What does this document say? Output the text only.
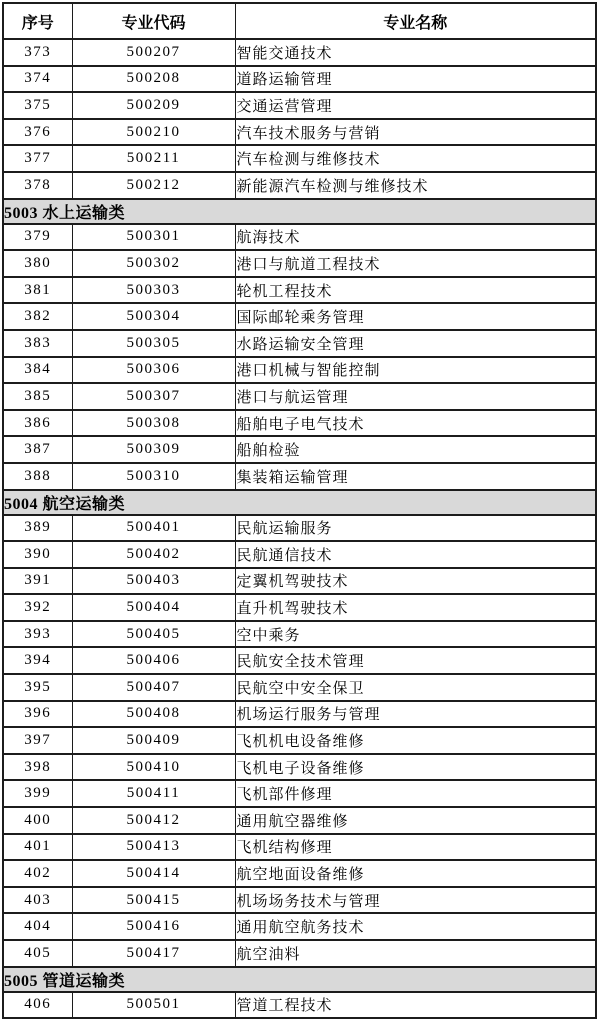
序号	专业代码	专业名称
373	500207	智能交通技术
374	500208	道路运输管理
375	500209	交通运营管理
376	500210	汽车技术服务与营销
377	500211	汽车检测与维修技术
378	500212	新能源汽车检测与维修技术
5003 水上运输类		
379	500301	航海技术
380	500302	港口与航道工程技术
381	500303	轮机工程技术
382	500304	国际邮轮乘务管理
383	500305	水路运输安全管理
384	500306	港口机械与智能控制
385	500307	港口与航运管理
386	500308	船舶电子电气技术
387	500309	船舶检验
388	500310	集装箱运输管理
5004 航空运输类		
389	500401	民航运输服务
390	500402	民航通信技术
391	500403	定翼机驾驶技术
392	500404	直升机驾驶技术
393	500405	空中乘务
394	500406	民航安全技术管理
395	500407	民航空中安全保卫
396	500408	机场运行服务与管理
397	500409	飞机机电设备维修
398	500410	飞机电子设备维修
399	500411	飞机部件修理
400	500412	通用航空器维修
401	500413	飞机结构修理
402	500414	航空地面设备维修
403	500415	机场场务技术与管理
404	500416	通用航空航务技术
405	500417	航空油料
5005 管道运输类		
406	500501	管道工程技术
